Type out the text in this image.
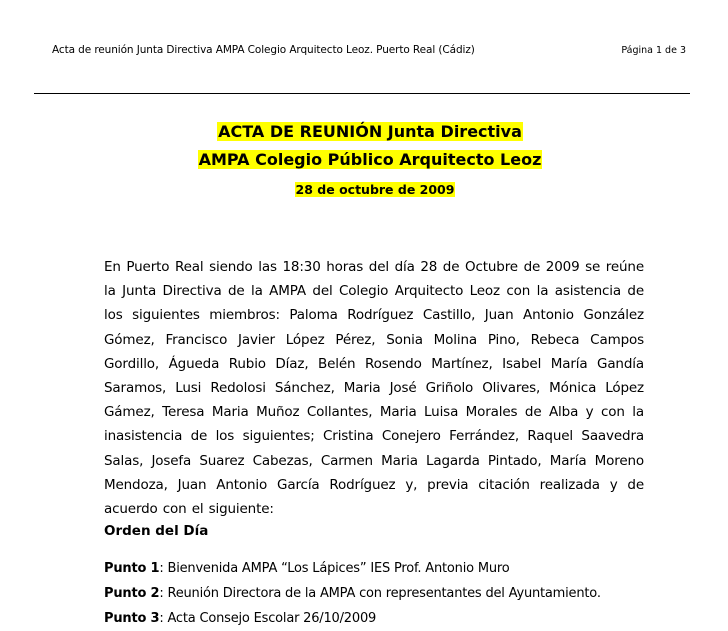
Acta de reunión Junta Directiva AMPA Colegio Arquitecto Leoz. Puerto Real (Cádiz)	Página 1 de 3
ACTA DE REUNIÓN Junta Directiva
AMPA Colegio Público Arquitecto Leoz
28 de octubre de 2009

En Puerto Real siendo las 18:30 horas del día 28 de Octubre de 2009 se reúne la Junta Directiva de la AMPA del Colegio Arquitecto Leoz con la asistencia de los siguientes miembros: Paloma Rodríguez Castillo, Juan Antonio González Gómez, Francisco Javier López Pérez, Sonia Molina Pino, Rebeca Campos Gordillo, Águeda Rubio Díaz, Belén Rosendo Martínez, Isabel María Gandía Saramos, Lusi Redolosi Sánchez, Maria José Griñolo Olivares, Mónica López Gámez, Teresa Maria Muñoz Collantes, Maria Luisa Morales de Alba y con la inasistencia de los siguientes; Cristina Conejero Ferrández, Raquel Saavedra Salas, Josefa Suarez Cabezas, Carmen Maria Lagarda Pintado, María Moreno Mendoza, Juan Antonio García Rodríguez y, previa citación realizada y de acuerdo con el siguiente:

Orden del Día
Punto 1: Bienvenida AMPA “Los Lápices” IES Prof. Antonio Muro
Punto 2: Reunión Directora de la AMPA con representantes del Ayuntamiento.
Punto 3: Acta Consejo Escolar 26/10/2009
